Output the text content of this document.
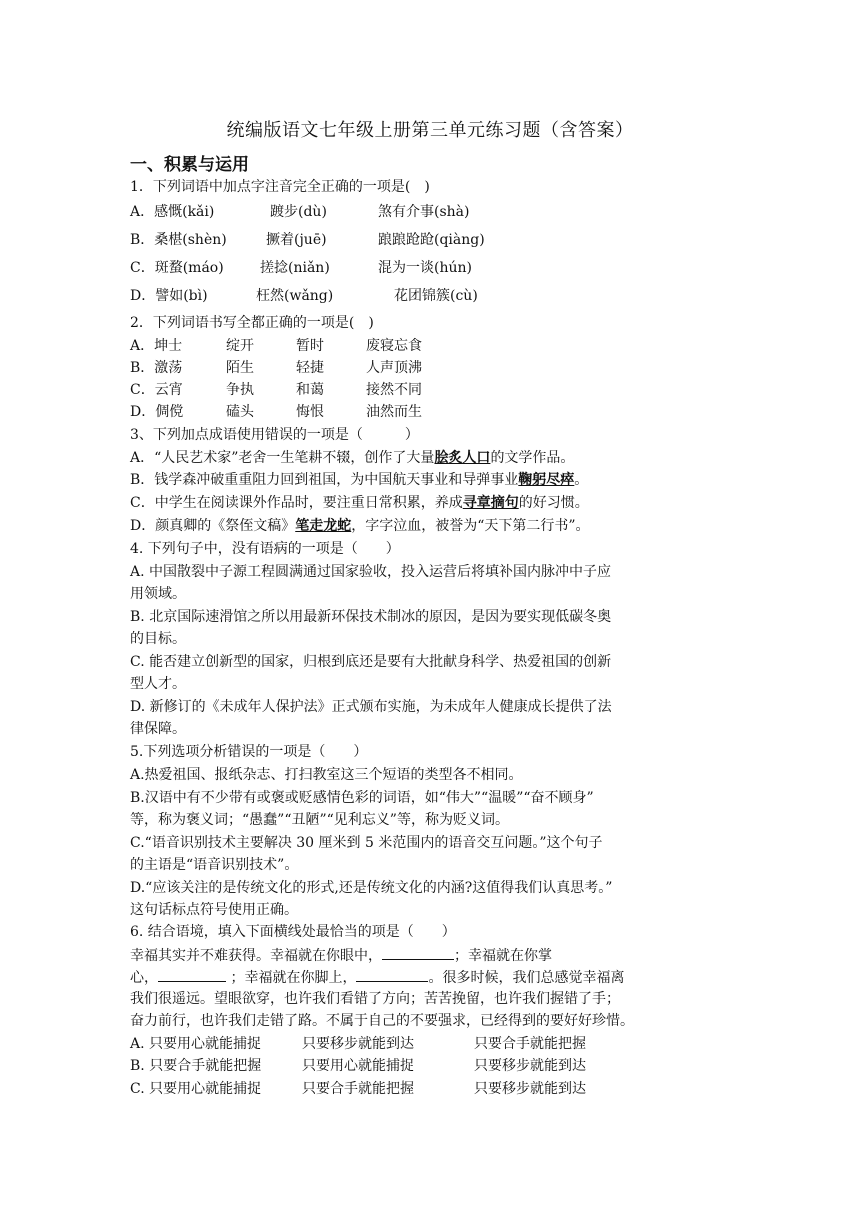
统编版语文七年级上册第三单元练习题（含答案）
一、积累与运用
1．下列词语中加点字注音完全正确的一项是(　)
A．感慨(kǎi)	踱步(dù)	煞有介事(shà)
B．桑椹(shèn)	撅着(juē)	踉踉跄跄(qiàng)
C．斑蝥(máo)	搓捻(niǎn)	混为一谈(hún)
D．譬如(bì)	枉然(wǎng)	花团锦簇(cù)
2．下列词语书写全都正确的一项是(　)
A．坤士	绽开	暂时	废寝忘食
B．激荡	陌生	轻捷	人声顶沸
C．云宵	争执	和蔼	接然不同
D．倜傥	磕头	悔恨	油然而生
3、下列加点成语使用错误的一项是（　　　）
A．“人民艺术家”老舍一生笔耕不辍，创作了大量脍炙人口的文学作品。
B．钱学森冲破重重阻力回到祖国，为中国航天事业和导弹事业鞠躬尽瘁。
C．中学生在阅读课外作品时，要注重日常积累，养成寻章摘句的好习惯。
D．颜真卿的《祭侄文稿》笔走龙蛇，字字泣血，被誉为“天下第二行书”。
4. 下列句子中，没有语病的一项是（　　）
A. 中国散裂中子源工程圆满通过国家验收，投入运营后将填补国内脉冲中子应
用领域。
B. 北京国际速滑馆之所以用最新环保技术制冰的原因，是因为要实现低碳冬奥
的目标。
C. 能否建立创新型的国家，归根到底还是要有大批献身科学、热爱祖国的创新
型人才。
D. 新修订的《未成年人保护法》正式颁布实施，为未成年人健康成长提供了法
律保障。
5.下列选项分析错误的一项是（　　）
A.热爱祖国、报纸杂志、打扫教室这三个短语的类型各不相同。
B.汉语中有不少带有或褒或贬感情色彩的词语，如“伟大”“温暖”“奋不顾身”
等，称为褒义词；“愚蠢”“丑陋”“见利忘义”等，称为贬义词。
C.“语音识别技术主要解决 30 厘米到 5 米范围内的语音交互问题。”这个句子
的主语是“语音识别技术”。
D.“应该关注的是传统文化的形式,还是传统文化的内涵?这值得我们认真思考。”
这句话标点符号使用正确。
6. 结合语境，填入下面横线处最恰当的项是（　　）
幸福其实并不难获得。幸福就在你眼中，	；幸福就在你掌
心，	；幸福就在你脚上，	。很多时候，我们总感觉幸福离
我们很遥远。望眼欲穿，也许我们看错了方向；苦苦挽留，也许我们握错了手；
奋力前行，也许我们走错了路。不属于自己的不要强求，已经得到的要好好珍惜。
A. 只要用心就能捕捉	只要移步就能到达	只要合手就能把握
B. 只要合手就能把握	只要用心就能捕捉	只要移步就能到达
C. 只要用心就能捕捉	只要合手就能把握	只要移步就能到达
